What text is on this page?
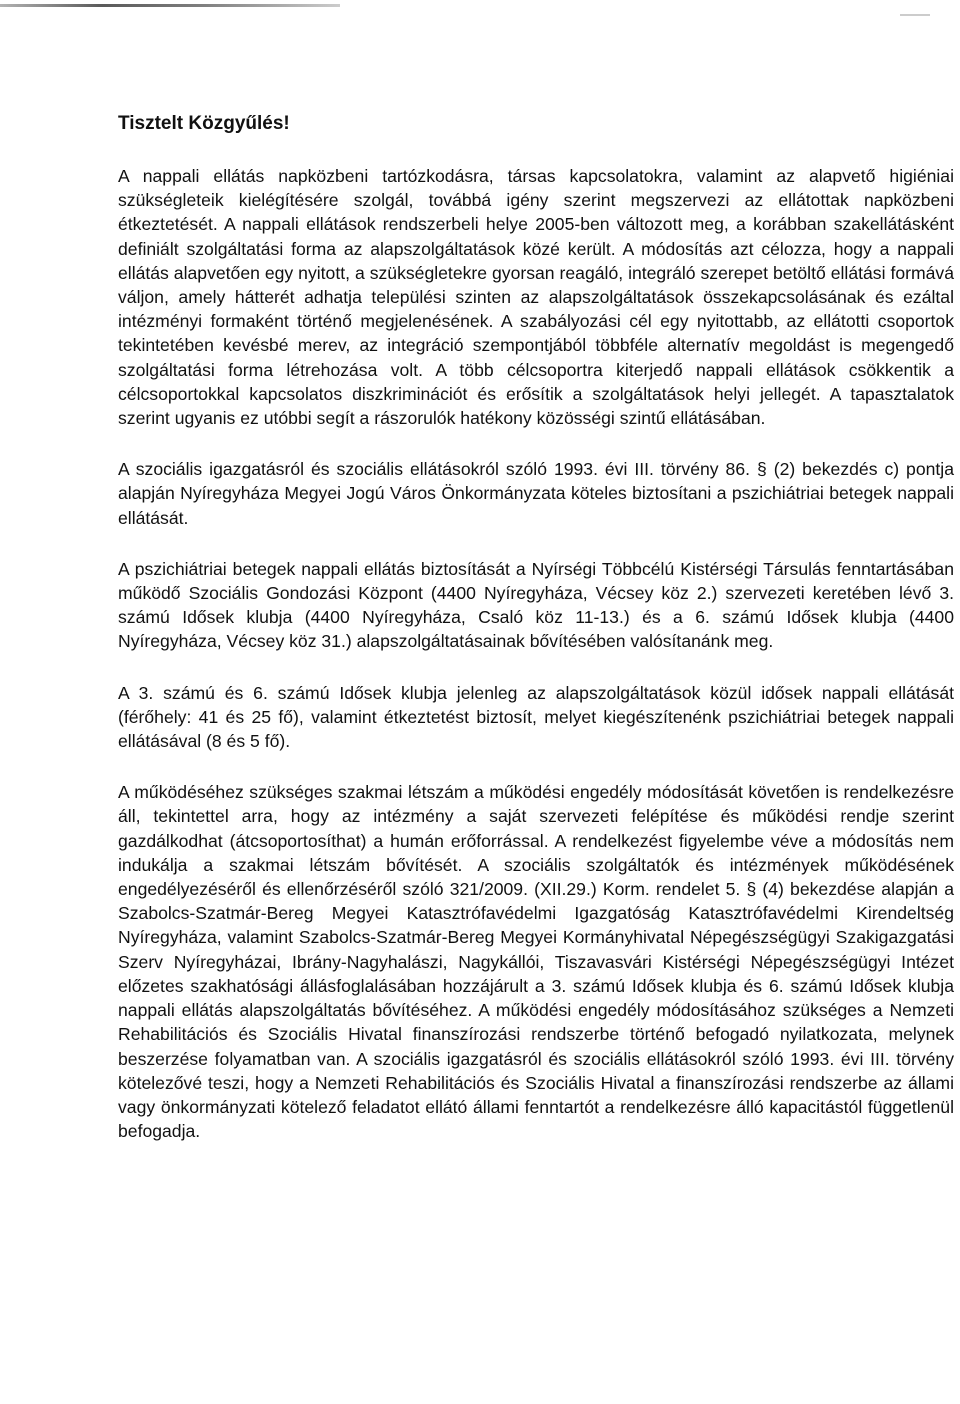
Tisztelt Közgyűlés!

A nappali ellátás napközbeni tartózkodásra, társas kapcsolatokra, valamint az alapvető higiéniai szükségleteik kielégítésére szolgál, továbbá igény szerint megszervezi az ellátottak napközbeni étkeztetését. A nappali ellátások rendszerbeli helye 2005-ben változott meg, a korábban szakellátásként definiált szolgáltatási forma az alapszolgáltatások közé került. A módosítás azt célozza, hogy a nappali ellátás alapvetően egy nyitott, a szükségletekre gyorsan reagáló, integráló szerepet betöltő ellátási formává váljon, amely hátterét adhatja települési szinten az alapszolgáltatások összekapcsolásának és ezáltal intézményi formaként történő megjelenésének. A szabályozási cél egy nyitottabb, az ellátotti csoportok tekintetében kevésbé merev, az integráció szempontjából többféle alternatív megoldást is megengedő szolgáltatási forma létrehozása volt. A több célcsoportra kiterjedő nappali ellátások csökkentik a célcsoportokkal kapcsolatos diszkriminációt és erősítik a szolgáltatások helyi jellegét. A tapasztalatok szerint ugyanis ez utóbbi segít a rászorulók hatékony közösségi szintű ellátásában.

A szociális igazgatásról és szociális ellátásokról szóló 1993. évi III. törvény 86. § (2) bekezdés c) pontja alapján Nyíregyháza Megyei Jogú Város Önkormányzata köteles biztosítani a pszichiátriai betegek nappali ellátását.

A pszichiátriai betegek nappali ellátás biztosítását a Nyírségi Többcélú Kistérségi Társulás fenntartásában működő Szociális Gondozási Központ (4400 Nyíregyháza, Vécsey köz 2.) szervezeti keretében lévő 3. számú Idősek klubja (4400 Nyíregyháza, Csaló köz 11-13.) és a 6. számú Idősek klubja (4400 Nyíregyháza, Vécsey köz 31.) alapszolgáltatásainak bővítésében valósítanánk meg.

A 3. számú és 6. számú Idősek klubja jelenleg az alapszolgáltatások közül idősek nappali ellátását (férőhely: 41 és 25 fő), valamint étkeztetést biztosít, melyet kiegészítenénk pszichiátriai betegek nappali ellátásával (8 és 5 fő).

A működéséhez szükséges szakmai létszám a működési engedély módosítását követően is rendelkezésre áll, tekintettel arra, hogy az intézmény a saját szervezeti felépítése és működési rendje szerint gazdálkodhat (átcsoportosíthat) a humán erőforrással. A rendelkezést figyelembe véve a módosítás nem indukálja a szakmai létszám bővítését. A szociális szolgáltatók és intézmények működésének engedélyezéséről és ellenőrzéséről szóló 321/2009. (XII.29.) Korm. rendelet 5. § (4) bekezdése alapján a Szabolcs-Szatmár-Bereg Megyei Katasztrófavédelmi Igazgatóság Katasztrófavédelmi Kirendeltség Nyíregyháza, valamint Szabolcs-Szatmár-Bereg Megyei Kormányhivatal Népegészségügyi Szakigazgatási Szerv Nyíregyházai, Ibrány-Nagyhalászi, Nagykállói, Tiszavasvári Kistérségi Népegészségügyi Intézet előzetes szakhatósági állásfoglalásában hozzájárult a 3. számú Idősek klubja és 6. számú Idősek klubja nappali ellátás alapszolgáltatás bővítéséhez. A működési engedély módosításához szükséges a Nemzeti Rehabilitációs és Szociális Hivatal finanszírozási rendszerbe történő befogadó nyilatkozata, melynek beszerzése folyamatban van. A szociális igazgatásról és szociális ellátásokról szóló 1993. évi III. törvény kötelezővé teszi, hogy a Nemzeti Rehabilitációs és Szociális Hivatal a finanszírozási rendszerbe az állami vagy önkormányzati kötelező feladatot ellátó állami fenntartót a rendelkezésre álló kapacitástól függetlenül befogadja.
